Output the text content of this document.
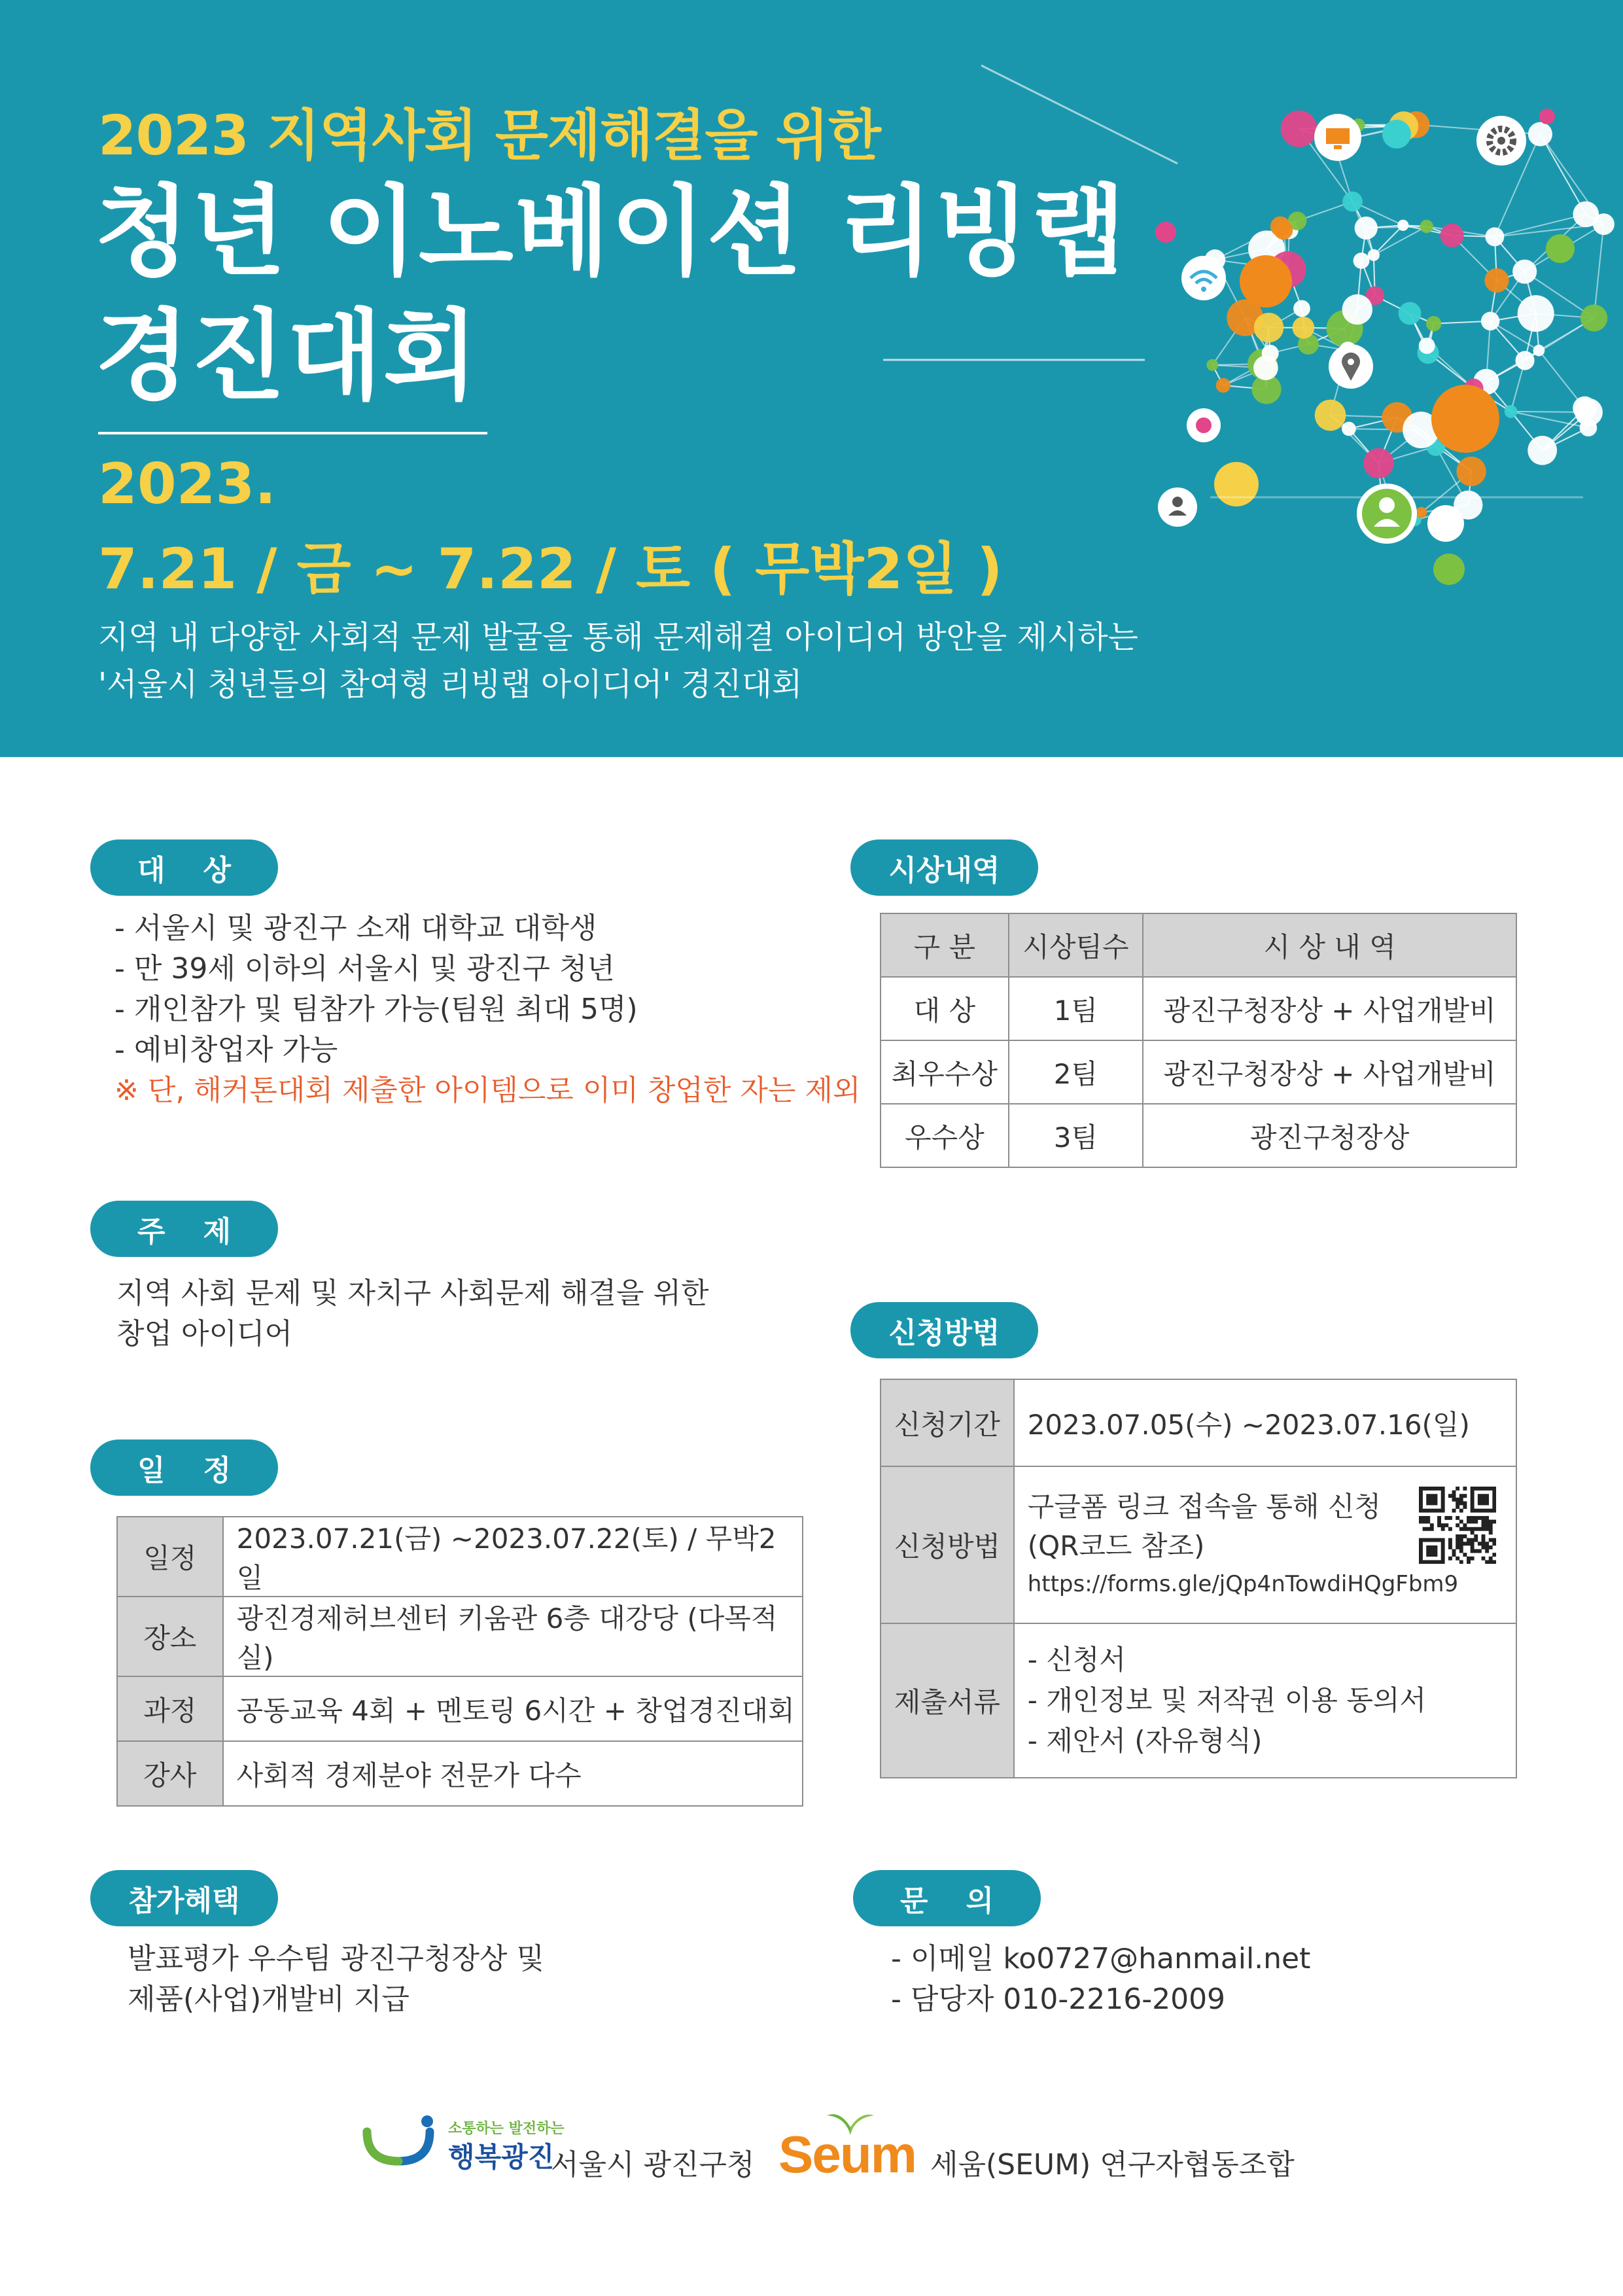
2023 지역사회 문제해결을 위한
청년 이노베이션 리빙랩
경진대회
2023.
7.21 / 금 ~ 7.22 / 토 ( 무박2일 )
지역 내 다양한 사회적 문제 발굴을 통해 문제해결 아이디어 방안을 제시하는
'서울시 청년들의 참여형 리빙랩 아이디어' 경진대회
대상
- 서울시 및 광진구 소재 대학교 대학생
- 만 39세 이하의 서울시 및 광진구 청년
- 개인참가 및 팀참가 가능(팀원 최대 5명)
- 예비창업자 가능
※ 단, 해커톤대회 제출한 아이템으로 이미 창업한 자는 제외
주제
지역 사회 문제 및 자치구 사회문제 해결을 위한
창업 아이디어
일정
일정	2023.07.21(금) ~2023.07.22(토) / 무박2일
장소	광진경제허브센터 키움관 6층 대강당 (다목적실)
과정	공동교육 4회 + 멘토링 6시간 + 창업경진대회
강사	사회적 경제분야 전문가 다수
참가혜택
발표평가 우수팀 광진구청장상 및
제품(사업)개발비 지급
시상내역
구 분	시상팀수	시 상 내 역
대 상	1팀	광진구청장상 + 사업개발비
최우수상	2팀	광진구청장상 + 사업개발비
우수상	3팀	광진구청장상
신청방법
신청기간	2023.07.05(수) ~2023.07.16(일)
신청방법	구글폼 링크 접속을 통해 신청
(QR코드 참조)
https://forms.gle/jQp4nTowdiHQgFbm9

제출서류	- 신청서
- 개인정보 및 저작권 이용 동의서
- 제안서 (자유형식)
문의
- 이메일 ko0727@hanmail.net
- 담당자 010-2216-2009
소통하는 발전하는
행복광진
서울시 광진구청 Seum 세움(SEUM) 연구자협동조합
